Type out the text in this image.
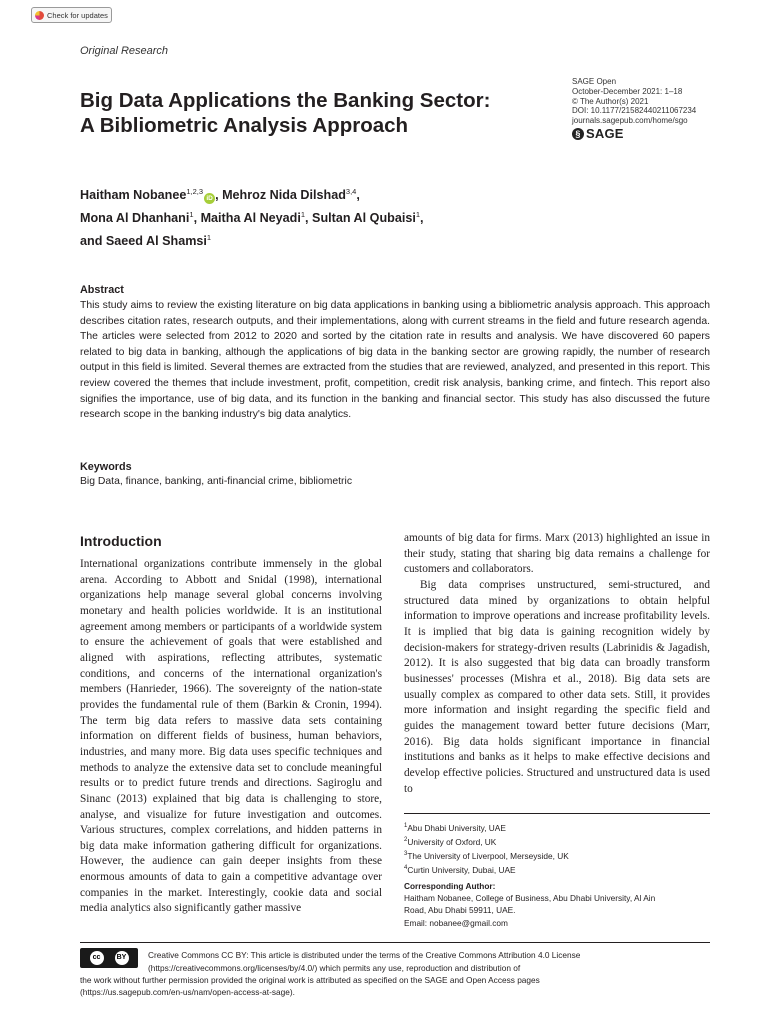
Check for updates
Original Research
Big Data Applications the Banking Sector:
A Bibliometric Analysis Approach
SAGE Open
October-December 2021: 1–18
© The Author(s) 2021
DOI: 10.1177/21582440211067234
journals.sagepub.com/home/sgo
§ SAGE
Haitham Nobanee$^{1,2,3}$iD , Mehroz Nida Dilshad$^{3,4}$,
Mona Al Dhanhani$^1$, Maitha Al Neyadi$^1$, Sultan Al Qubaisi$^1$,
and Saeed Al Shamsi$^1$
Abstract
This study aims to review the existing literature on big data applications in banking using a bibliometric analysis approach. This approach describes citation rates, research outputs, and their implementations, along with current streams in the field and future research agenda. The articles were selected from 2012 to 2020 and sorted by the citation rate in results and analysis. We have discovered 60 papers related to big data in banking, although the applications of big data in the banking sector are growing rapidly, the number of research output in this field is limited. Several themes are extracted from the studies that are reviewed, analyzed, and presented in this report. This review covered the themes that include investment, profit, competition, credit risk analysis, banking crime, and fintech. This report also signifies the importance, use of big data, and its function in the banking and financial sector. This study has also discussed the future research scope in the banking industry's big data analytics.
Keywords
Big Data, finance, banking, anti-financial crime, bibliometric
Introduction

International organizations contribute immensely in the global arena. According to Abbott and Snidal (1998), international organizations help manage several global concerns involving monetary and health policies worldwide. It is an institutional agreement among members or participants of a worldwide system to ensure the achievement of goals that were established and aligned with aspirations, reflecting attributes, systematic conditions, and concerns of the international organization's members (Hanrieder, 1966). The sovereignty of the nation-state provides the fundamental rule of them (Barkin & Cronin, 1994). The term big data refers to massive data sets containing information on different fields of business, human behaviors, industries, and many more. Big data uses specific techniques and methods to analyze the extensive data set to conclude meaningful results or to predict future trends and directions. Sagiroglu and Sinanc (2013) explained that big data is challenging to store, analyse, and visualize for future investigation and outcomes. Various structures, complex correlations, and hidden patterns in big data make information gathering difficult for organizations. However, the audience can gain deeper insights from these enormous amounts of data to gain a competitive advantage over companies in the market. Interestingly, cookie data and social media analytics also significantly gather massive

amounts of big data for firms. Marx (2013) highlighted an issue in their study, stating that sharing big data remains a challenge for customers and collaborators.

Big data comprises unstructured, semi-structured, and structured data mined by organizations to obtain helpful information to improve operations and increase profitability levels. It is implied that big data is gaining recognition widely by decision-makers for strategy-driven results (Labrinidis & Jagadish, 2012). It is also suggested that big data can broadly transform businesses' processes (Mishra et al., 2018). Big data sets are usually complex as compared to other data sets. Still, it provides more information and insight regarding the specific field and guides the management toward better future decisions (Marr, 2016). Big data holds significant importance in financial institutions and banks as it helps to make effective decisions and develop effective policies. Structured and unstructured data is used to

$^1$Abu Dhabi University, UAE
$^2$University of Oxford, UK
$^3$The University of Liverpool, Merseyside, UK
$^4$Curtin University, Dubai, UAE
Corresponding Author:
Haitham Nobanee, College of Business, Abu Dhabi University, Al Ain
Road, Abu Dhabi 59911, UAE.
Email: nobanee@gmail.com
cc	BY	Creative Commons CC BY: This article is distributed under the terms of the Creative Commons Attribution 4.0 License
(https://creativecommons.org/licenses/by/4.0/) which permits any use, reproduction and distribution of
the work without further permission provided the original work is attributed as specified on the SAGE and Open Access pages
(https://us.sagepub.com/en-us/nam/open-access-at-sage).
